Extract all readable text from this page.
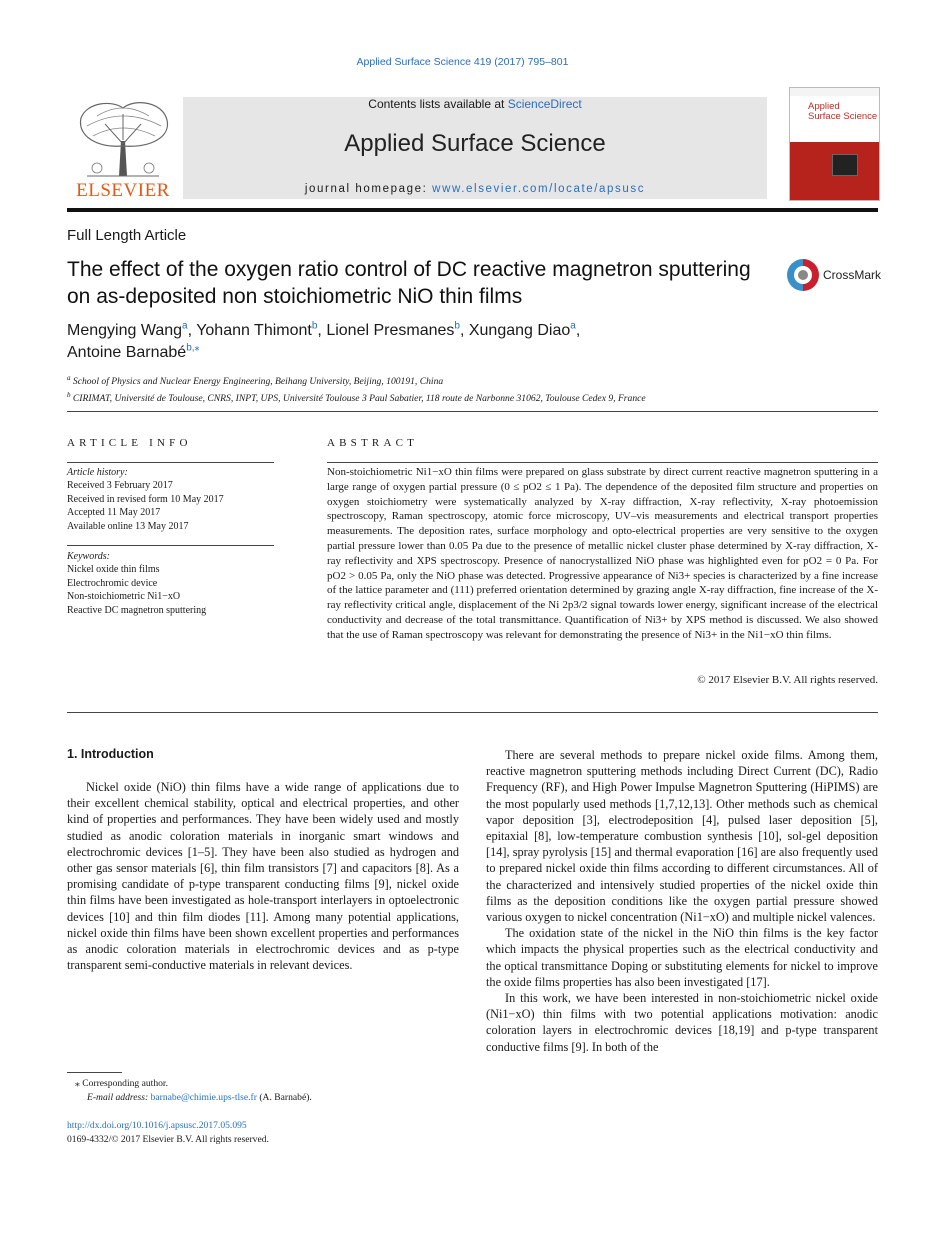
Applied Surface Science 419 (2017) 795–801
ELSEVIER
Contents lists available at ScienceDirect
Applied Surface Science
journal homepage: www.elsevier.com/locate/apsusc
Applied
Surface Science
Full Length Article
The effect of the oxygen ratio control of DC reactive magnetron sputtering on as-deposited non stoichiometric NiO thin films
CrossMark
Mengying Wang$^a$, Yohann Thimont$^b$, Lionel Presmanes$^b$, Xungang Diao$^a$,
Antoine Barnabé$^{b,⁎}$
$^a$ School of Physics and Nuclear Energy Engineering, Beihang University, Beijing, 100191, China
$^b$ CIRIMAT, Université de Toulouse, CNRS, INPT, UPS, Université Toulouse 3 Paul Sabatier, 118 route de Narbonne 31062, Toulouse Cedex 9, France
ARTICLE INFO
Article history:
Received 3 February 2017
Received in revised form 10 May 2017
Accepted 11 May 2017
Available online 13 May 2017
Keywords:
Nickel oxide thin films
Electrochromic device
Non-stoichiometric Ni1−xO
Reactive DC magnetron sputtering
ABSTRACT
Non-stoichiometric Ni1−xO thin films were prepared on glass substrate by direct current reactive magnetron sputtering in a large range of oxygen partial pressure (0 ≤ pO2 ≤ 1 Pa). The dependence of the deposited film structure and properties on oxygen stoichiometry were systematically analyzed by X-ray diffraction, X-ray reflectivity, X-ray photoemission spectroscopy, Raman spectroscopy, atomic force microscopy, UV–vis measurements and electrical transport properties measurements. The deposition rates, surface morphology and opto-electrical properties are very sensitive to the oxygen partial pressure lower than 0.05 Pa due to the presence of metallic nickel cluster phase determined by X-ray diffraction, X-ray reflectivity and XPS spectroscopy. Presence of nanocrystallized NiO phase was highlighted even for pO2 = 0 Pa. For pO2 > 0.05 Pa, only the NiO phase was detected. Progressive appearance of Ni3+ species is characterized by a fine increase of the lattice parameter and (111) preferred orientation determined by grazing angle X-ray diffraction, fine increase of the X-ray reflectivity critical angle, displacement of the Ni 2p3/2 signal towards lower energy, significant increase of the electrical conductivity and decrease of the total transmittance. Quantification of Ni3+ by XPS method is discussed. We also showed that the use of Raman spectroscopy was relevant for demonstrating the presence of Ni3+ in the Ni1−xO thin films.
© 2017 Elsevier B.V. All rights reserved.
1. Introduction

Nickel oxide (NiO) thin films have a wide range of applications due to their excellent chemical stability, optical and electrical properties, and other kind of properties and performances. They have been widely used and mostly studied as anodic coloration materials in inorganic smart windows and electrochromic devices [1–5]. They have been also studied as hydrogen and other gas sensor materials [6], thin film transistors [7] and capacitors [8]. As a promising candidate of p-type transparent conducting films [9], nickel oxide thin films have been investigated as hole-transport interlayers in optoelectronic devices [10] and thin film diodes [11]. Among many potential applications, nickel oxide thin films have been shown excellent properties and performances as anodic coloration materials in electrochromic devices and as p-type transparent semi-conductive materials in relevant devices.

There are several methods to prepare nickel oxide films. Among them, reactive magnetron sputtering methods including Direct Current (DC), Radio Frequency (RF), and High Power Impulse Magnetron Sputtering (HiPIMS) are the most popularly used methods [1,7,12,13]. Other methods such as chemical vapor deposition [3], electrodeposition [4], pulsed laser deposition [5], epitaxial [8], low-temperature combustion synthesis [10], sol-gel deposition [14], spray pyrolysis [15] and thermal evaporation [16] are also frequently used to prepared nickel oxide thin films according to different circumstances. All of the characterized and intensively studied properties of the nickel oxide thin films as the deposition conditions like the oxygen partial pressure showed various oxygen to nickel concentration (Ni1−xO) and multiple nickel valences.

The oxidation state of the nickel in the NiO thin films is the key factor which impacts the physical properties such as the electrical conductivity and the optical transmittance Doping or substituting elements for nickel to improve the oxide films properties has also been investigated [17].

In this work, we have been interested in non-stoichiometric nickel oxide (Ni1−xO) thin films with two potential applications motivation: anodic coloration layers in electrochromic devices [18,19] and p-type transparent conductive films [9]. In both of the

⁎ Corresponding author.
E-mail address: barnabe@chimie.ups-tlse.fr (A. Barnabé).
http://dx.doi.org/10.1016/j.apsusc.2017.05.095
0169-4332/© 2017 Elsevier B.V. All rights reserved.
